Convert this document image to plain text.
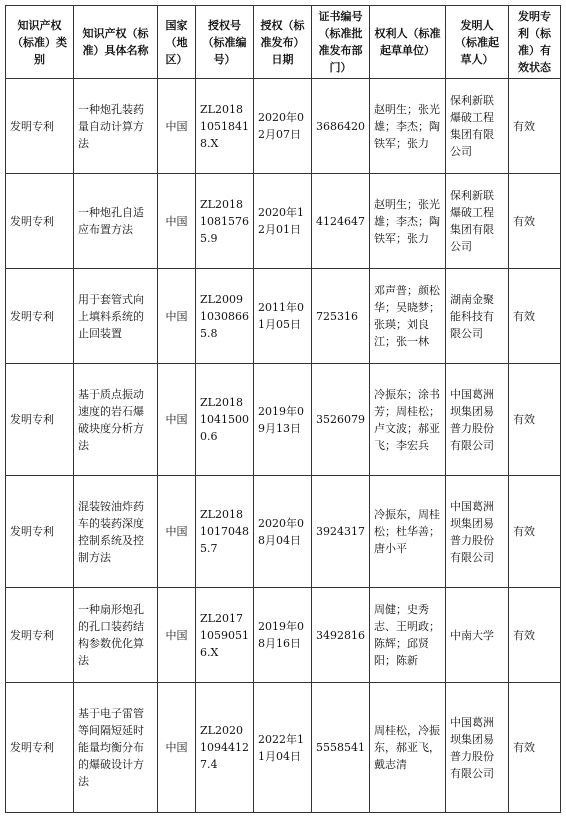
知识产权（标准）类别	知识产权（标准）具体名称	国家（地区）	授权号（标准编号）	授权（标准发布）日期	证书编号（标准批准发布部门）	权利人（标准起草单位）	发明人（标准起草人）	发明专利（标准）有效状态
发明专利	一种炮孔装药量自动计算方法	中国	ZL201810518418.X	2020年02月07日	3686420	赵明生；张光雄；李杰；陶铁军；张力	保利新联爆破工程集团有限公司	有效
发明专利	一种炮孔自适应布置方法	中国	ZL201810815765.9	2020年12月01日	4124647	赵明生；张光雄；李杰；陶铁军；张力	保利新联爆破工程集团有限公司	有效
发明专利	用于套管式向上填料系统的止回装置	中国	ZL200910308665.8	2011年01月05日	725316	邓声普；颜松华；吴晓梦；张瑛；刘良江；张一林	湖南金聚能科技有限公司	有效
发明专利	基于质点振动速度的岩石爆破块度分析方法	中国	ZL201810415000.6	2019年09月13日	3526079	冷振东；涂书芳；周桂松；卢文波；郝亚飞；李宏兵	中国葛洲坝集团易普力股份有限公司	有效
发明专利	混装铵油炸药车的装药深度控制系统及控制方法	中国	ZL201810170485.7	2020年08月04日	3924317	冷振东，周桂松；杜华善；唐小平	中国葛洲坝集团易普力股份有限公司	有效
发明专利	一种扇形炮孔的孔口装药结构参数优化算法	中国	ZL201710590516.X	2019年08月16日	3492816	周健；史秀志、王明政；陈辉；邱贤阳；陈新	中南大学	有效
发明专利	基于电子雷管等间隔短延时能量均衡分布的爆破设计方法	中国	ZL202010944127.4	2022年11月04日	5558541	周桂松，冷振东，郝亚飞，戴志清	中国葛洲坝集团易普力股份有限公司	有效
